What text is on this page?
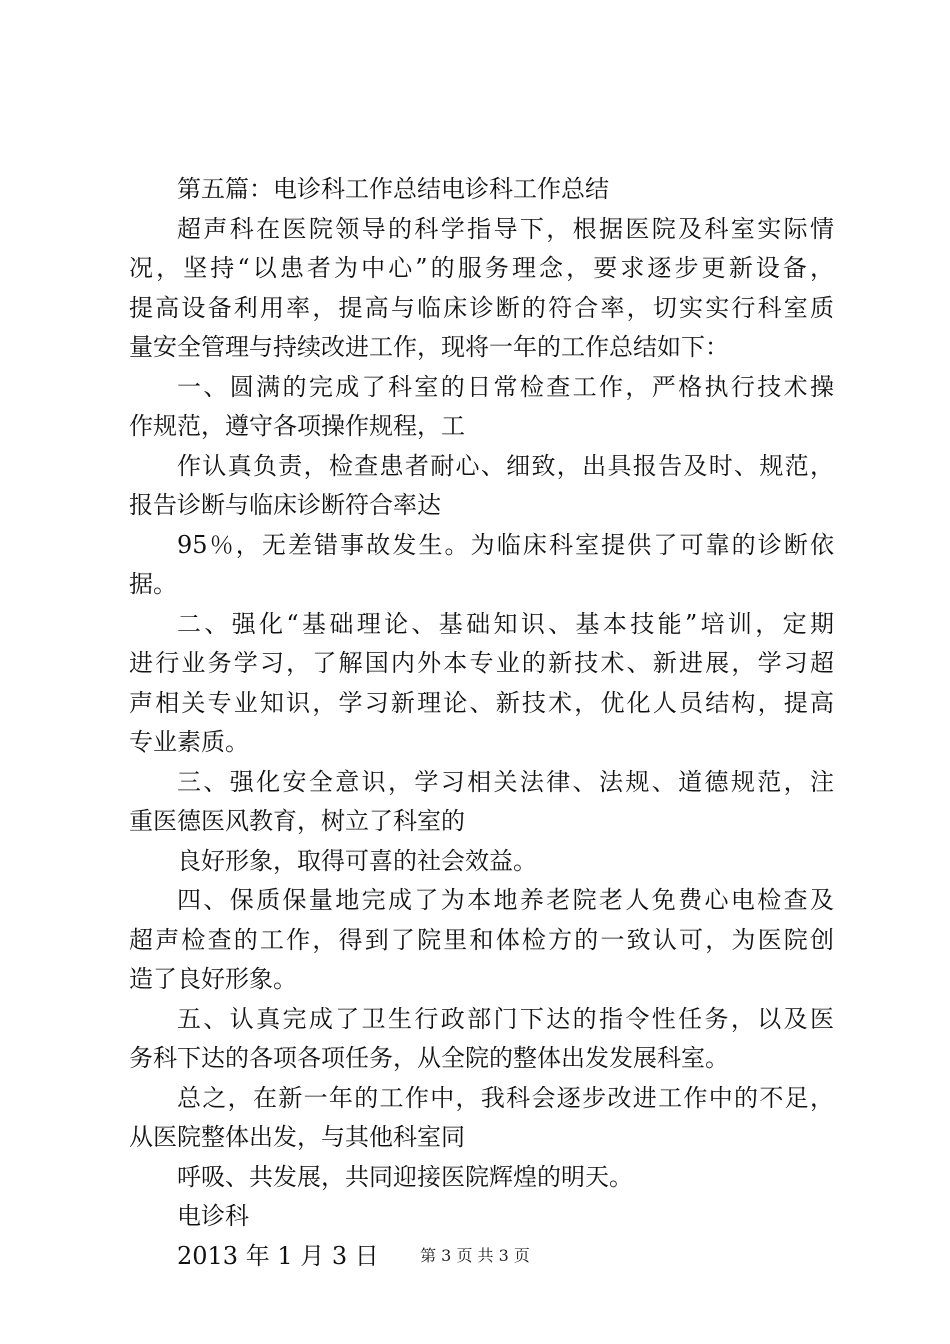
第五篇：电诊科工作总结电诊科工作总结
超声科在医院领导的科学指导下，根据医院及科室实际情
况，坚持“以患者为中心”的服务理念，要求逐步更新设备，
提高设备利用率，提高与临床诊断的符合率，切实实行科室质
量安全管理与持续改进工作，现将一年的工作总结如下：
一、圆满的完成了科室的日常检查工作，严格执行技术操
作规范，遵守各项操作规程，工
作认真负责，检查患者耐心、细致，出具报告及时、规范，
报告诊断与临床诊断符合率达
95％，无差错事故发生。为临床科室提供了可靠的诊断依
据。
二、强化“基础理论、基础知识、基本技能”培训，定期
进行业务学习，了解国内外本专业的新技术、新进展，学习超
声相关专业知识，学习新理论、新技术，优化人员结构，提高
专业素质。
三、强化安全意识，学习相关法律、法规、道德规范，注
重医德医风教育，树立了科室的
良好形象，取得可喜的社会效益。
四、保质保量地完成了为本地养老院老人免费心电检查及
超声检查的工作，得到了院里和体检方的一致认可，为医院创
造了良好形象。
五、认真完成了卫生行政部门下达的指令性任务，以及医
务科下达的各项各项任务，从全院的整体出发发展科室。
总之，在新一年的工作中，我科会逐步改进工作中的不足，
从医院整体出发，与其他科室同
呼吸、共发展，共同迎接医院辉煌的明天。
电诊科
2013 年 1 月 3 日	第 3 页 共 3 页
